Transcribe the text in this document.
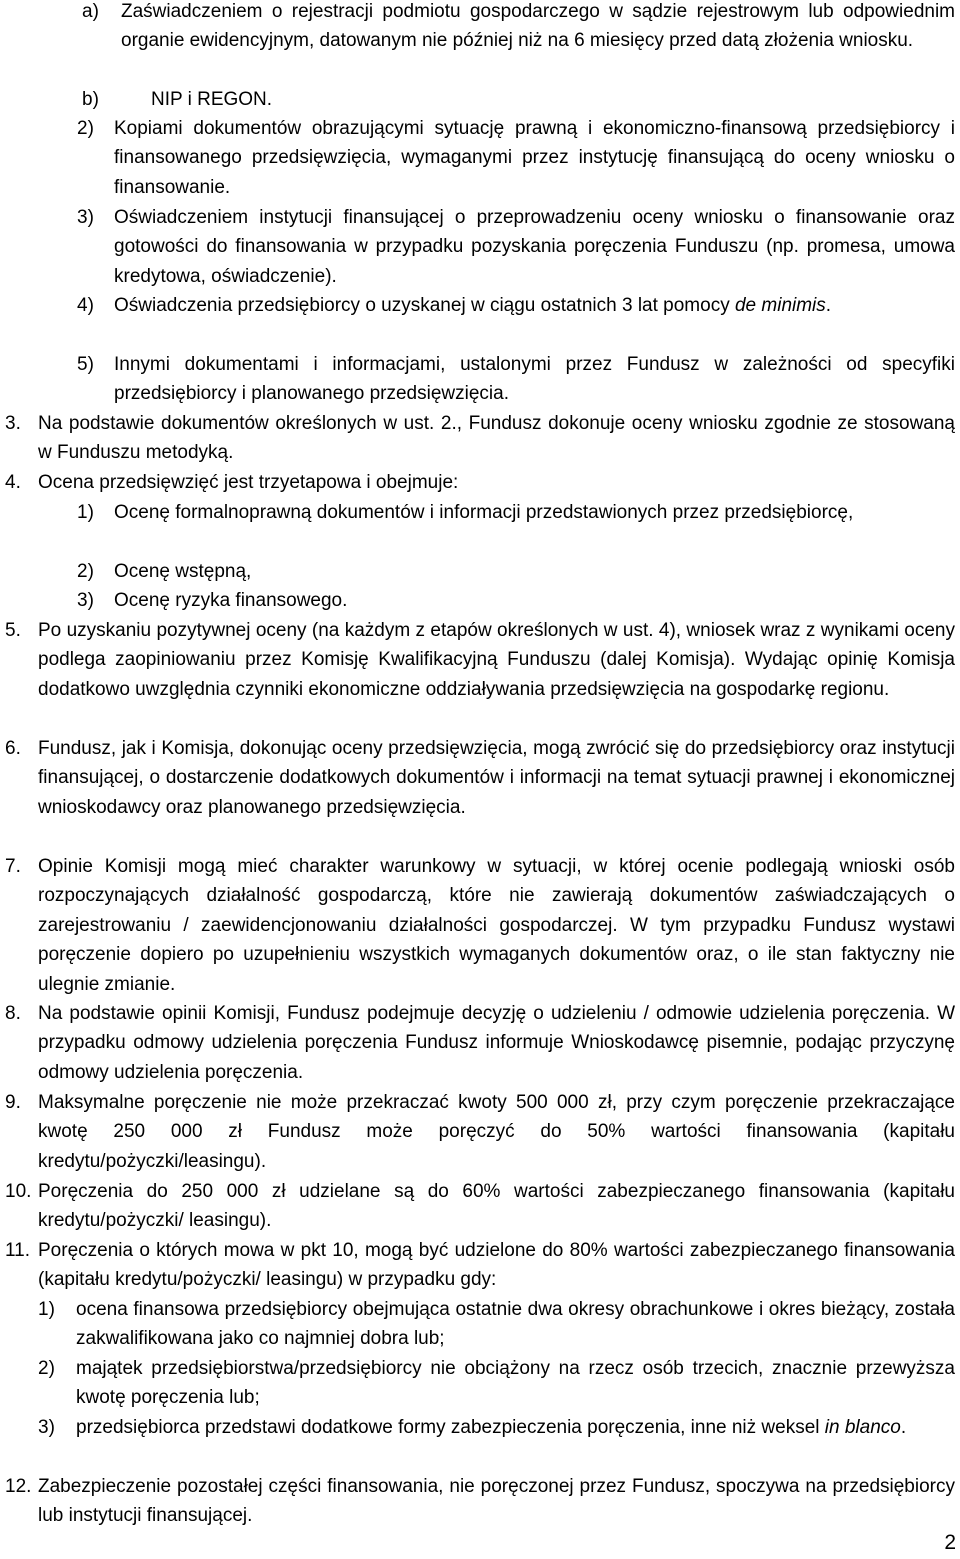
a) Zaświadczeniem o rejestracji podmiotu gospodarczego w sądzie rejestrowym lub odpowiednim organie ewidencyjnym, datowanym nie później niż na 6 miesięcy przed datą złożenia wniosku.
b)	NIP i REGON.
2) Kopiami dokumentów obrazującymi sytuację prawną i ekonomiczno-finansową przedsiębiorcy i finansowanego przedsięwzięcia, wymaganymi przez instytucję finansującą do oceny wniosku o finansowanie.
3) Oświadczeniem instytucji finansującej o przeprowadzeniu oceny wniosku o finansowanie oraz gotowości do finansowania w przypadku pozyskania poręczenia Funduszu (np. promesa, umowa kredytowa, oświadczenie).
4) Oświadczenia przedsiębiorcy o uzyskanej w ciągu ostatnich 3 lat pomocy de minimis.
5) Innymi dokumentami i informacjami, ustalonymi przez Fundusz w zależności od specyfiki przedsiębiorcy i planowanego przedsięwzięcia.
3. Na podstawie dokumentów określonych w ust. 2., Fundusz dokonuje oceny wniosku zgodnie ze stosowaną w Funduszu metodyką.
4. Ocena przedsięwzięć jest trzyetapowa i obejmuje:
1) Ocenę formalnoprawną dokumentów i informacji przedstawionych przez przedsiębiorcę,
2) Ocenę wstępną,
3) Ocenę ryzyka finansowego.
5. Po uzyskaniu pozytywnej oceny (na każdym z etapów określonych w ust. 4), wniosek wraz z wynikami oceny podlega zaopiniowaniu przez Komisję Kwalifikacyjną Funduszu (dalej Komisja). Wydając opinię Komisja dodatkowo uwzględnia czynniki ekonomiczne oddziaływania przedsięwzięcia na gospodarkę regionu.
6. Fundusz, jak i Komisja, dokonując oceny przedsięwzięcia, mogą zwrócić się do przedsiębiorcy oraz instytucji finansującej, o dostarczenie dodatkowych dokumentów i informacji na temat sytuacji prawnej i ekonomicznej wnioskodawcy oraz planowanego przedsięwzięcia.
7. Opinie Komisji mogą mieć charakter warunkowy w sytuacji, w której ocenie podlegają wnioski osób rozpoczynających działalność gospodarczą, które nie zawierają dokumentów zaświadczających o zarejestrowaniu / zaewidencjonowaniu działalności gospodarczej. W tym przypadku Fundusz wystawi poręczenie dopiero po uzupełnieniu wszystkich wymaganych dokumentów oraz, o ile stan faktyczny nie ulegnie zmianie.
8. Na podstawie opinii Komisji, Fundusz podejmuje decyzję o udzieleniu / odmowie udzielenia poręczenia. W przypadku odmowy udzielenia poręczenia Fundusz informuje Wnioskodawcę pisemnie, podając przyczynę odmowy udzielenia poręczenia.
9. Maksymalne poręczenie nie może przekraczać kwoty 500 000 zł, przy czym poręczenie przekraczające kwotę 250 000 zł Fundusz może poręczyć do 50% wartości finansowania (kapitału kredytu/pożyczki/leasingu).
10. Poręczenia do 250 000 zł udzielane są do 60% wartości zabezpieczanego finansowania (kapitału kredytu/pożyczki/ leasingu).
11. Poręczenia o których mowa w pkt 10, mogą być udzielone do 80% wartości zabezpieczanego finansowania (kapitału kredytu/pożyczki/ leasingu) w przypadku gdy:
1) ocena finansowa przedsiębiorcy obejmująca ostatnie dwa okresy obrachunkowe i okres bieżący, została zakwalifikowana jako co najmniej dobra lub;
2) majątek przedsiębiorstwa/przedsiębiorcy nie obciążony na rzecz osób trzecich, znacznie przewyższa kwotę poręczenia lub;
3) przedsiębiorca przedstawi dodatkowe formy zabezpieczenia poręczenia, inne niż weksel in blanco.
12. Zabezpieczenie pozostałej części finansowania, nie poręczonej przez Fundusz, spoczywa na przedsiębiorcy lub instytucji finansującej.
2
